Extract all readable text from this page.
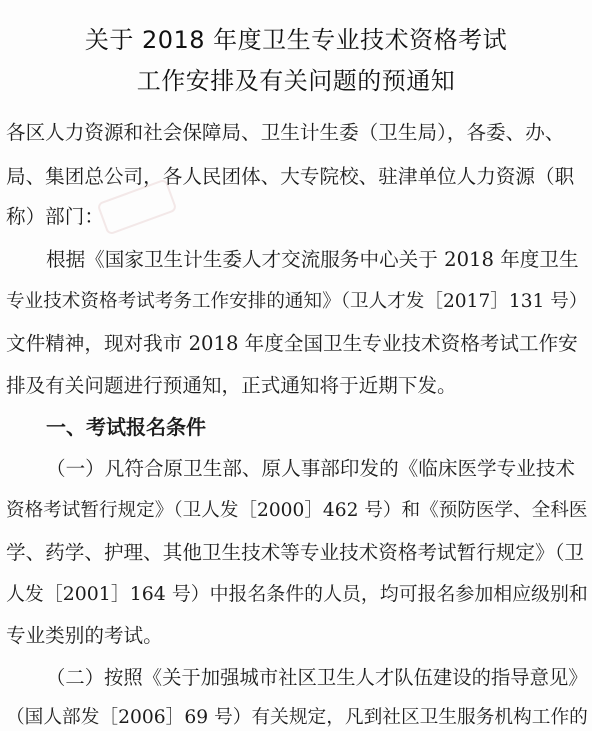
关于 2018 年度卫生专业技术资格考试
工作安排及有关问题的预通知
各区人力资源和社会保障局、卫生计生委（卫生局），各委、办、
局、集团总公司，各人民团体、大专院校、驻津单位人力资源（职
称）部门：
根据《国家卫生计生委人才交流服务中心关于 2018 年度卫生
专业技术资格考试考务工作安排的通知》（卫人才发［2017］131 号）
文件精神，现对我市 2018 年度全国卫生专业技术资格考试工作安
排及有关问题进行预通知，正式通知将于近期下发。
一、考试报名条件
（一）凡符合原卫生部、原人事部印发的《临床医学专业技术
资格考试暂行规定》（卫人发［2000］462 号）和《预防医学、全科医
学、药学、护理、其他卫生技术等专业技术资格考试暂行规定》（卫
人发［2001］164 号）中报名条件的人员，均可报名参加相应级别和
专业类别的考试。
（二）按照《关于加强城市社区卫生人才队伍建设的指导意见》
（国人部发［2006］69 号）有关规定，凡到社区卫生服务机构工作的
